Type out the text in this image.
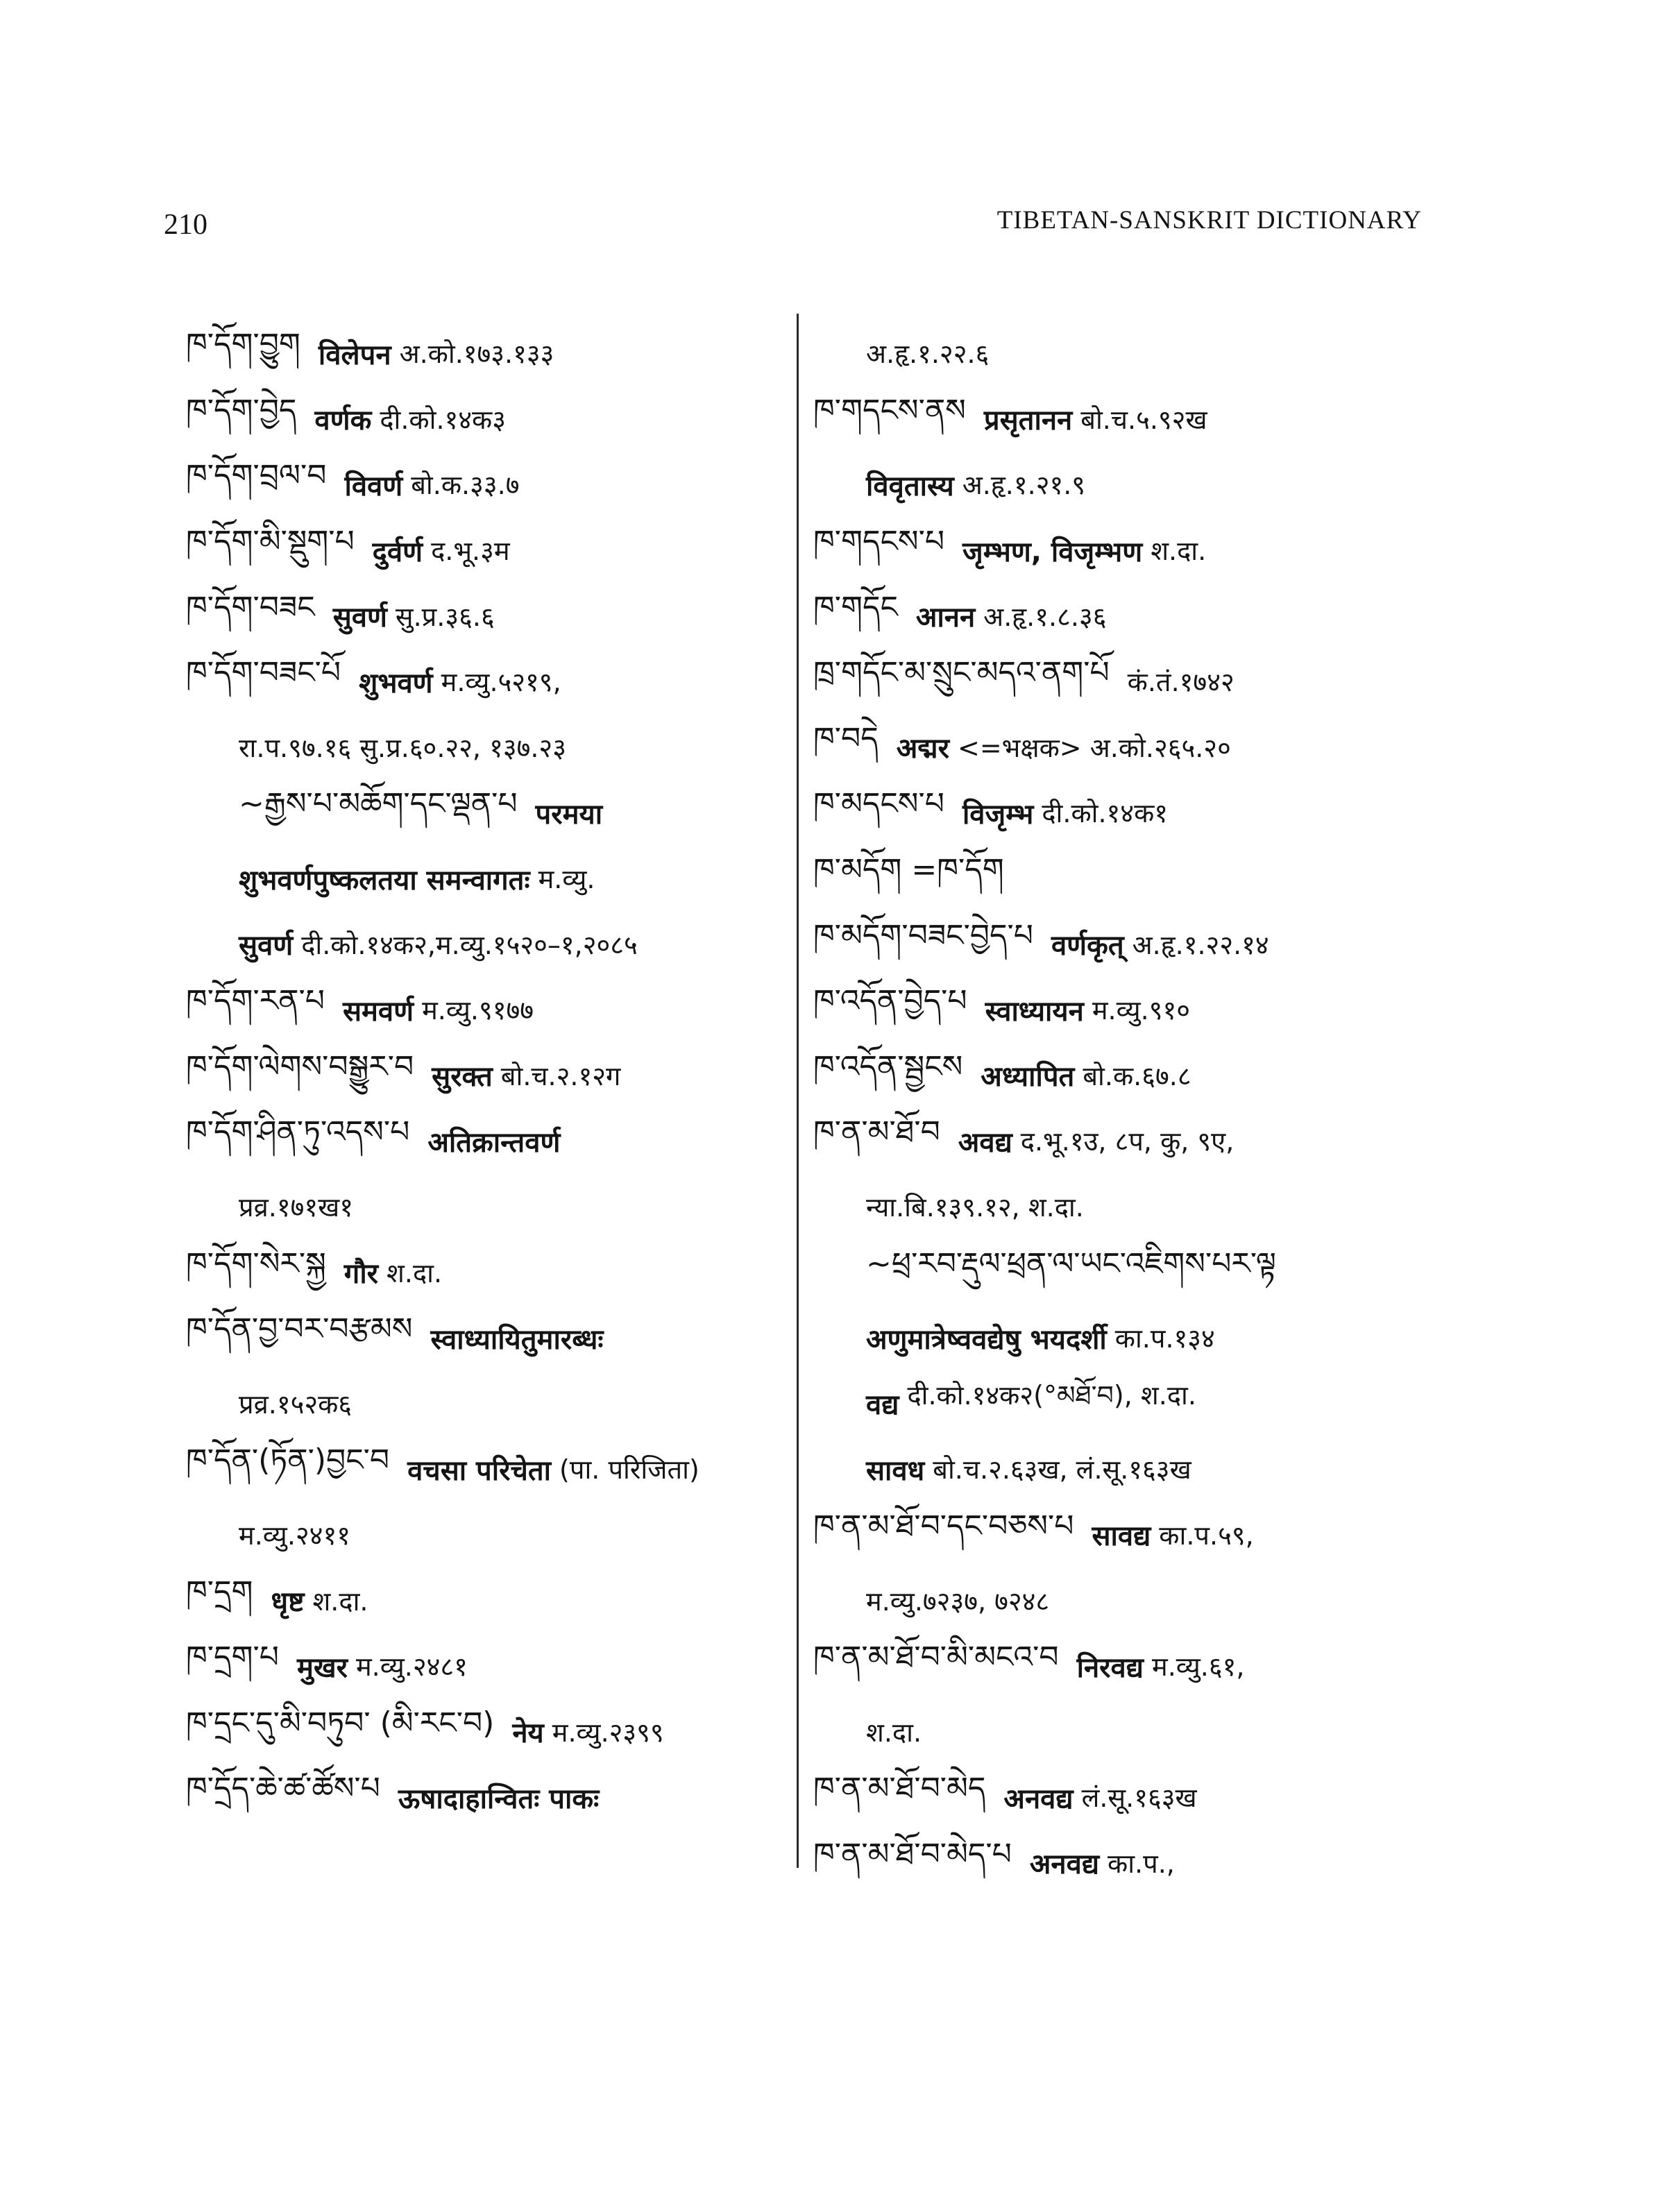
210	TIBETAN-SANSKRIT DICTIONARY
ཁ་དོག་བྱུག विलेपन अ.को.१७३.१३३
ཁ་དོག་བྱེད वर्णक दी.को.१४क३
ཁ་དོག་བྲལ་བ विवर्ण बो.क.३३.७
ཁ་དོག་མི་སྡུག་པ दुर्वर्ण द.भू.३म
ཁ་དོག་བཟང सुवर्ण सु.प्र.३६.६
ཁ་དོག་བཟང་པོ शुभवर्ण म.व्यु.५२१९,
रा.प.९७.१६ सु.प्र.६०.२२, १३७.२३
~རྒྱས་པ་མཆོག་དང་ལྡན་པ परमया
शुभवर्णपुष्कलतया समन्वागतः म.व्यु.
सुवर्ण दी.को.१४क२,म.व्यु.१५२०–१,२०८५
ཁ་དོག་རན་པ समवर्ण म.व्यु.९१७७
ཁ་དོག་ལེགས་བསྒྱུར་བ सुरक्त बो.च.२.१२ग
ཁ་དོག་ཤིན་ཏུ་འདས་པ अतिक्रान्तवर्ण
प्रव्र.१७१ख१
ཁ་དོག་སེར་སྐྱ गौर श.दा.
ཁ་དོན་བྱ་བར་བརྩམས स्वाध्यायितुमारब्धः
प्रव्र.१५२क६
ཁ་དོན་(ཏོན་)བྱང་བ वचसा परिचेता (पा. परिजिता)
म.व्यु.२४११
ཁ་དྲག धृष्ट श.दा.
ཁ་དྲག་པ मुखर म.व्यु.२४८१
ཁ་དྲང་དུ་མི་བཏུབ་ (མི་རང་བ) नेय म.व्यु.२३९९
ཁ་དྲོད་ཆེ་ཚ་ཚོས་པ ऊषादाहान्वितः पाकः
अ.हृ.१.२२.६
ཁ་གདངས་ནས प्रसृतानन बो.च.५.९२ख
विवृतास्य अ.हृ.१.२१.९
ཁ་གདངས་པ जृम्भण, विजृम्भण श.दा.
ཁ་གདོང आनन अ.हृ.१.८.३६
ཁྲ་གདོང་མ་སྲུང་མདའ་ནག་པོ कं.तं.१७४२
ཁ་བདེ अद्मर <=भक्षक> अ.को.२६५.२०
ཁ་མདངས་པ विजृम्भ दी.को.१४क१
ཁ་མདོག =ཁ་དོག
ཁ་མདོག་བཟང་བྱེད་པ वर्णकृत् अ.हृ.१.२२.१४
ཁ་འདོན་བྱེད་པ स्वाध्यायन म.व्यु.९१०
ཁ་འདོན་སྦྱངས अध्यापित बो.क.६७.८
ཁ་ན་མ་ཐོ་བ अवद्य द.भू.१उ, ८प, कु, ९ए,
न्या.बि.१३९.१२, श.दा.
~ཕྲ་རབ་རྡུལ་ཕྲན་ལ་ཡང་འཇིགས་པར་ལྟ
अणुमात्रेष्ववद्येषु भयदर्शी का.प.१३४
वद्य दी.को.१४क२(°མཐོ་བ), श.दा.
सावध बो.च.२.६३ख, लं.सू.१६३ख
ཁ་ན་མ་ཐོ་བ་དང་བཅས་པ सावद्य का.प.५९,
म.व्यु.७२३७, ७२४८
ཁ་ན་མ་ཐོ་བ་མི་མངའ་བ निरवद्य म.व्यु.६१,
श.दा.
ཁ་ན་མ་ཐོ་བ་མེད अनवद्य लं.सू.१६३ख
ཁ་ན་མ་ཐོ་བ་མེད་པ अनवद्य का.प.,
